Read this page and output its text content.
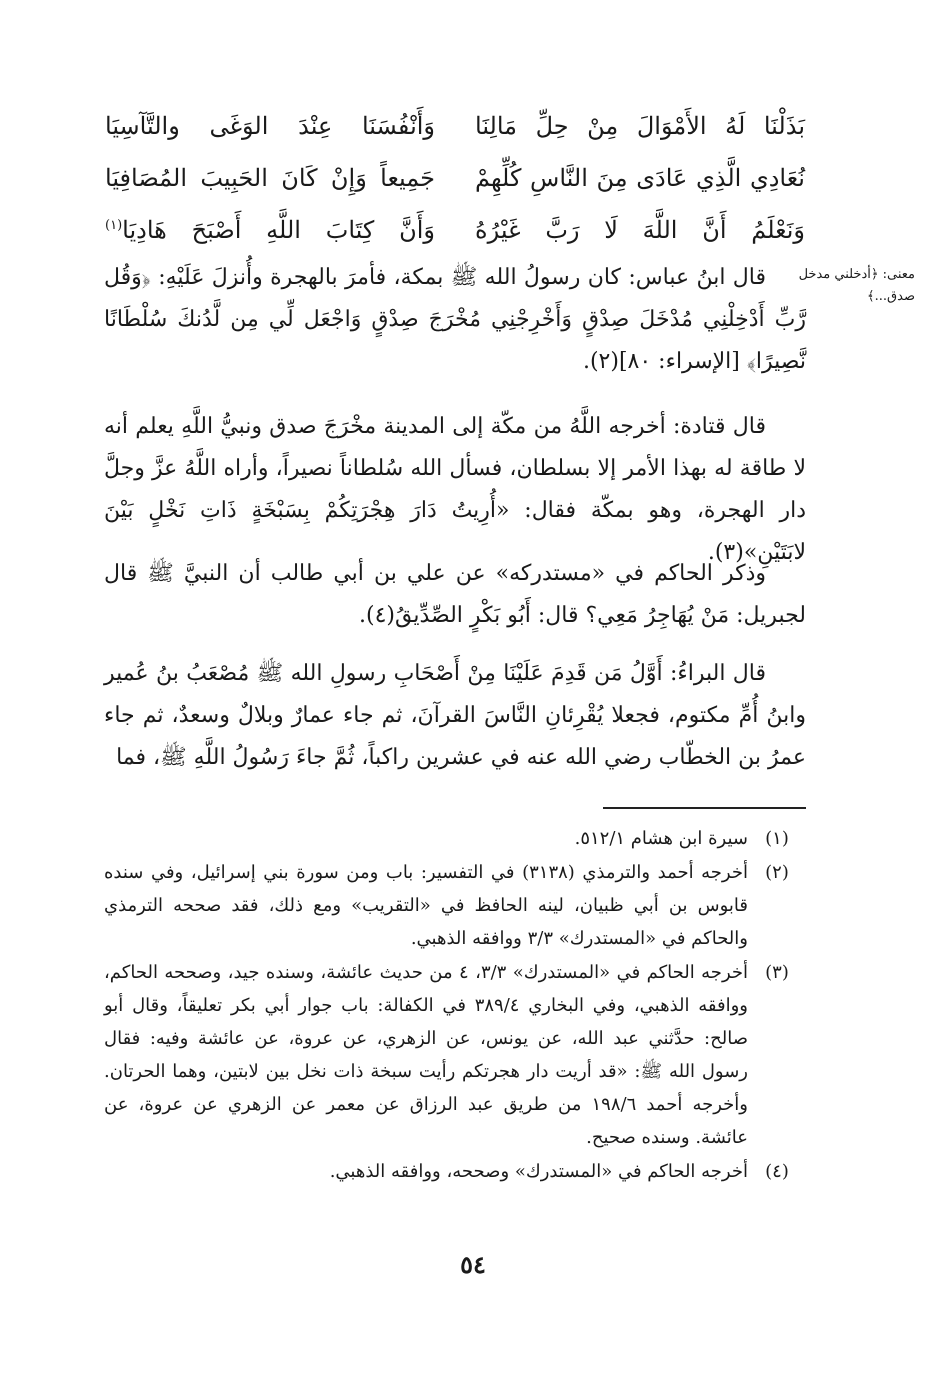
بَذَلْنَا لَهُ الأَمْوَالَ مِنْ حِلِّ مَالِنَا
وَأَنْفُسَنَا عِنْدَ الوَغَى والتَّآسِيَا
نُعَادِي الَّذِي عَادَى مِنَ النَّاسِ كُلِّهِمْ
جَمِيعاً وَإِنْ كَانَ الحَبِيبَ المُصَافِيَا
وَنَعْلَمُ أَنَّ اللَّهَ لَا رَبَّ غَيْرُهُ
وَأَنَّ كِتَابَ اللَّهِ أَصْبَحَ هَادِيَا$^{(١)}$
معنى: ﴿أدخلني مدخل صدق...﴾

قال ابنُ عباس: كان رسولُ الله ﷺ بمكة، فأمرَ بالهجرة وأُنزلَ عَلَيْهِ: ﴿وَقُل رَّبِّ أَدْخِلْنِي مُدْخَلَ صِدْقٍ وَأَخْرِجْنِي مُخْرَجَ صِدْقٍ وَاجْعَل لِّي مِن لَّدُنكَ سُلْطَانًا نَّصِيرًا﴾ [الإسراء: ٨٠](٢).

قال قتادة: أخرجه اللَّهُ من مكّة إلى المدينة مخْرَجَ صدق ونبيُّ اللَّهِ يعلم أنه لا طاقة له بهذا الأمر إلا بسلطان، فسأل الله سُلطاناً نصيراً، وأراه اللَّهُ عزَّ وجلَّ دار الهجرة، وهو بمكّة فقال: «أُرِيتُ دَارَ هِجْرَتِكُمْ بِسَبْخَةٍ ذَاتِ نَخْلٍ بَيْنَ لابَتَيْنِ»(٣).

وذكر الحاكم في «مستدركه» عن علي بن أبي طالب أن النبيَّ ﷺ قال لجبريل: مَنْ يُهَاجِرُ مَعِي؟ قال: أَبُو بَكْرٍ الصِّدِّيقُ(٤).

قال البراءُ: أَوَّلُ مَن قَدِمَ عَلَيْنَا مِنْ أَصْحَابِ رسولِ الله ﷺ مُصْعَبُ بنُ عُمير وابنُ أُمِّ مكتوم، فجعلا يُقْرِئانِ النَّاسَ القرآنَ، ثم جاء عمارٌ وبلالٌ وسعدٌ، ثم جاء عمرُ بن الخطّاب رضي الله عنه في عشرين راكباً، ثُمَّ جاءَ رَسُولُ اللَّهِ ﷺ، فما

(١)
سيرة ابن هشام ٥١٢/١.
(٢)
أخرجه أحمد والترمذي (٣١٣٨) في التفسير: باب ومن سورة بني إسرائيل، وفي سنده قابوس بن أبي ظبيان، لينه الحافظ في «التقريب» ومع ذلك، فقد صححه الترمذي والحاكم في «المستدرك» ٣/٣ ووافقه الذهبي.
(٣)
أخرجه الحاكم في «المستدرك» ٣/٣، ٤ من حديث عائشة، وسنده جيد، وصححه الحاكم، ووافقه الذهبي، وفي البخاري ٣٨٩/٤ في الكفالة: باب جوار أبي بكر تعليقاً، وقال أبو صالح: حدَّثني عبد الله، عن يونس، عن الزهري، عن عروة، عن عائشة وفيه: فقال رسول الله ﷺ: «قد أريت دار هجرتكم رأيت سبخة ذات نخل بين لابتين، وهما الحرتان. وأخرجه أحمد ١٩٨/٦ من طريق عبد الرزاق عن معمر عن الزهري عن عروة، عن عائشة. وسنده صحيح.
(٤)
أخرجه الحاكم في «المستدرك» وصححه، ووافقه الذهبي.
٥٤
